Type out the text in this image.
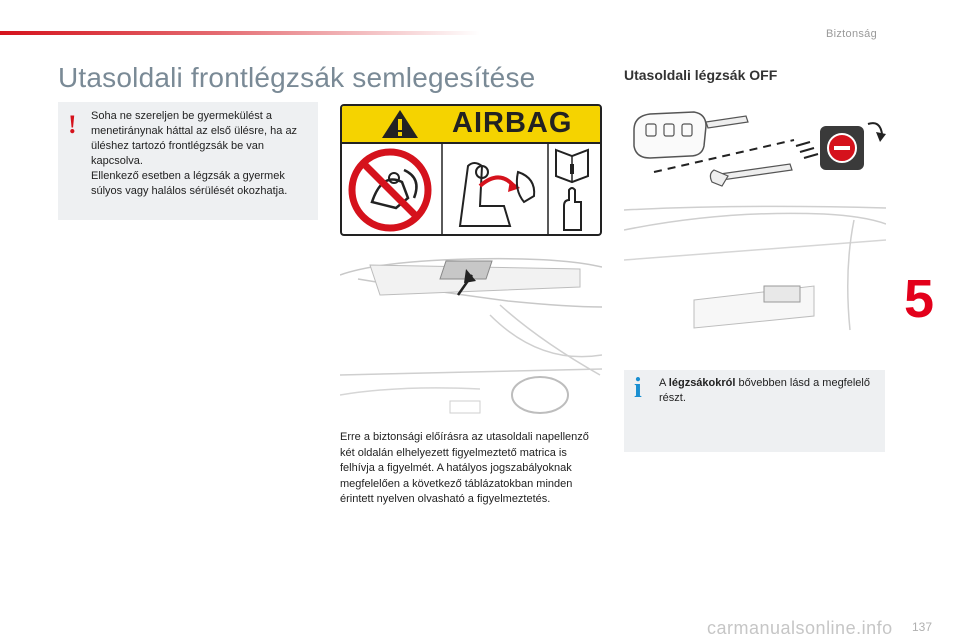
Biztonság
Utasoldali frontlégzsák semlegesítése	Utasoldali légzsák OFF
! Soha ne szereljen be gyermekülést a menetiránynak háttal az első ülésre, ha az üléshez tartozó frontlégzsák be van kapcsolva.

Ellenkező esetben a légzsák a gyermek súlyos vagy halálos sérülését okozhatja.

AIRBAG
Erre a biztonsági előírásra az utasoldali napellenző két oldalán elhelyezett figyelmeztető matrica is felhívja a figyelmét. A hatályos jogszabályoknak megfelelően a következő táblázatokban minden érintett nyelven olvasható a figyelmeztetés.
i A légzsákokról bővebben lásd a megfelelő részt.
5
carmanualsonline.info 137
